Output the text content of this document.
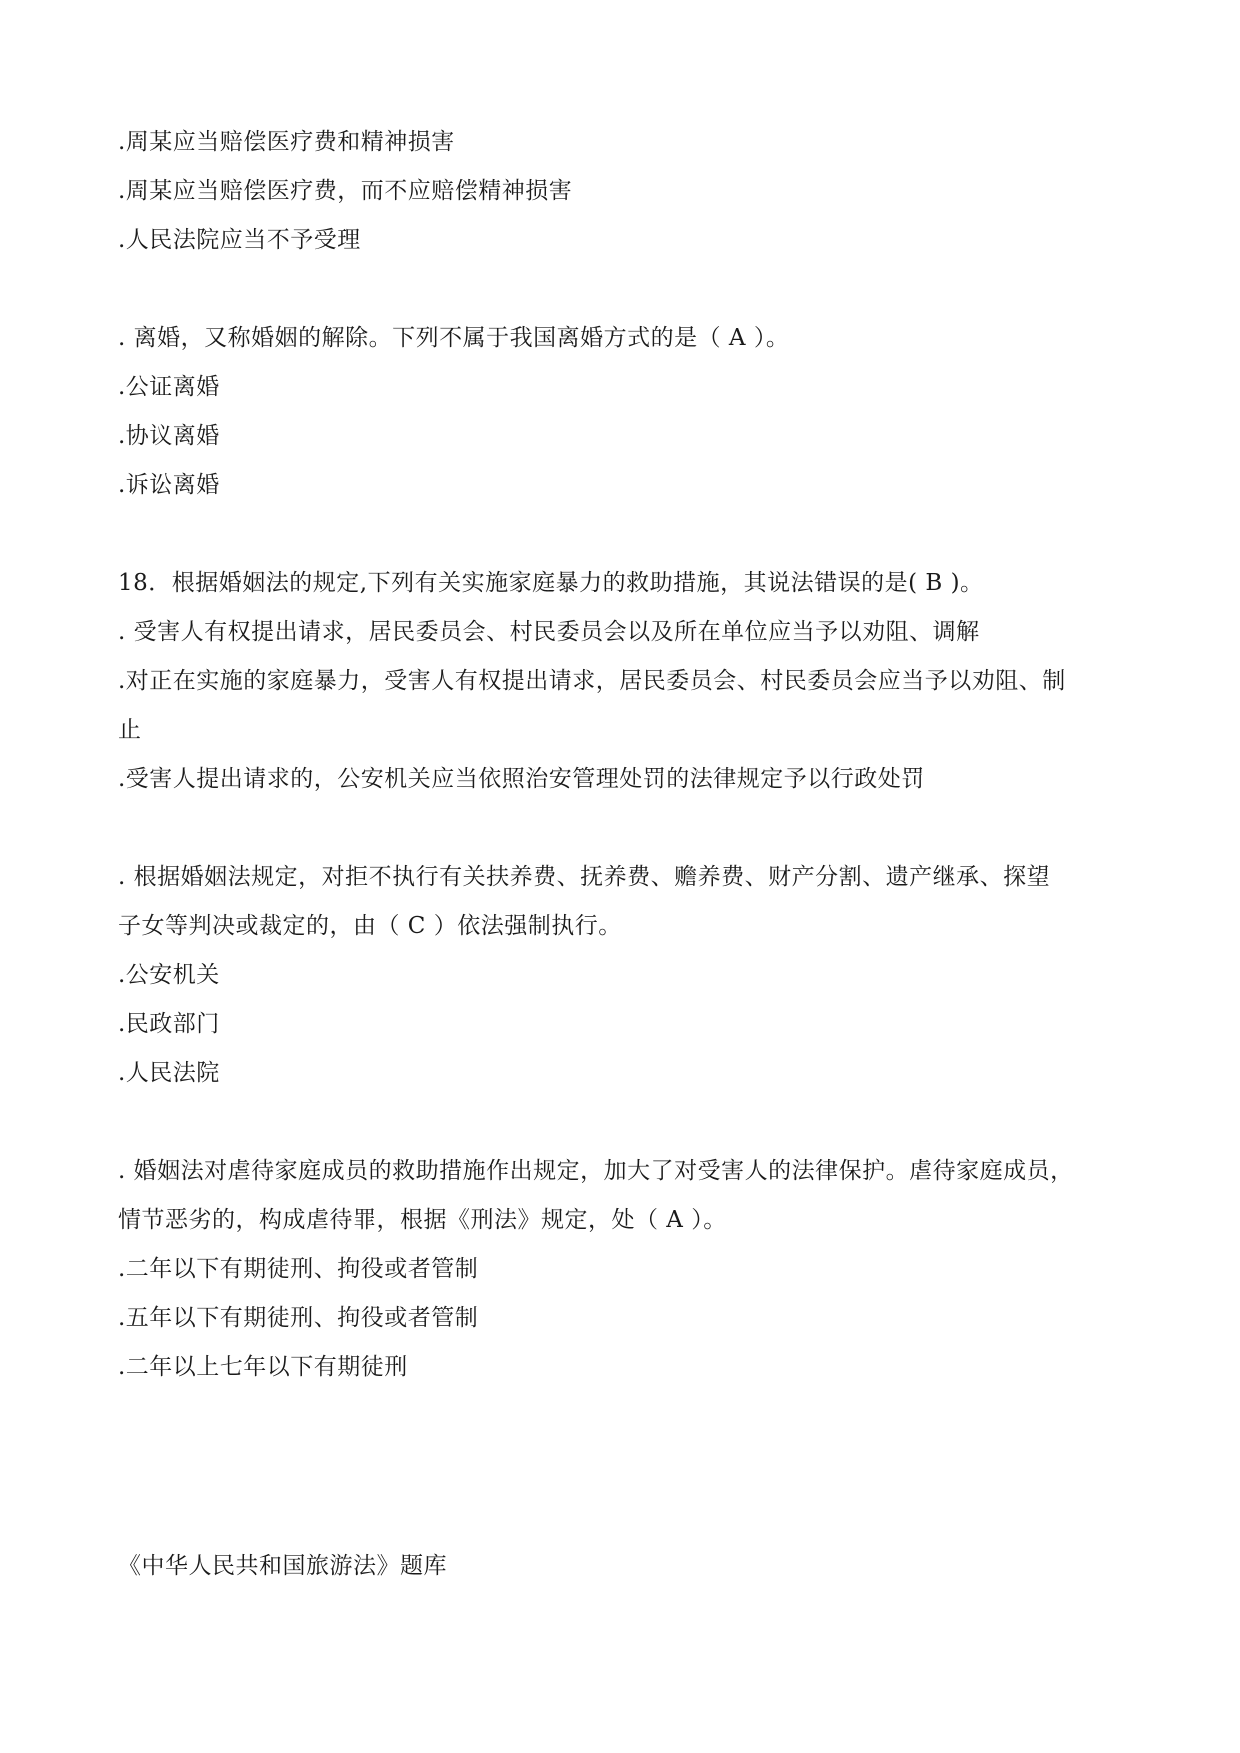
.周某应当赔偿医疗费和精神损害
.周某应当赔偿医疗费，而不应赔偿精神损害
.人民法院应当不予受理
. 离婚，又称婚姻的解除。下列不属于我国离婚方式的是（ A ）。
.公证离婚
.协议离婚
.诉讼离婚
18．根据婚姻法的规定,下列有关实施家庭暴力的救助措施，其说法错误的是( B )。
. 受害人有权提出请求，居民委员会、村民委员会以及所在单位应当予以劝阻、调解
.对正在实施的家庭暴力，受害人有权提出请求，居民委员会、村民委员会应当予以劝阻、制
止
.受害人提出请求的，公安机关应当依照治安管理处罚的法律规定予以行政处罚
. 根据婚姻法规定，对拒不执行有关扶养费、抚养费、赡养费、财产分割、遗产继承、探望
子女等判决或裁定的，由（ C ）依法强制执行。
.公安机关
.民政部门
.人民法院
. 婚姻法对虐待家庭成员的救助措施作出规定，加大了对受害人的法律保护。虐待家庭成员，
情节恶劣的，构成虐待罪，根据《刑法》规定，处（ A ）。
.二年以下有期徒刑、拘役或者管制
.五年以下有期徒刑、拘役或者管制
.二年以上七年以下有期徒刑
《中华人民共和国旅游法》题库
